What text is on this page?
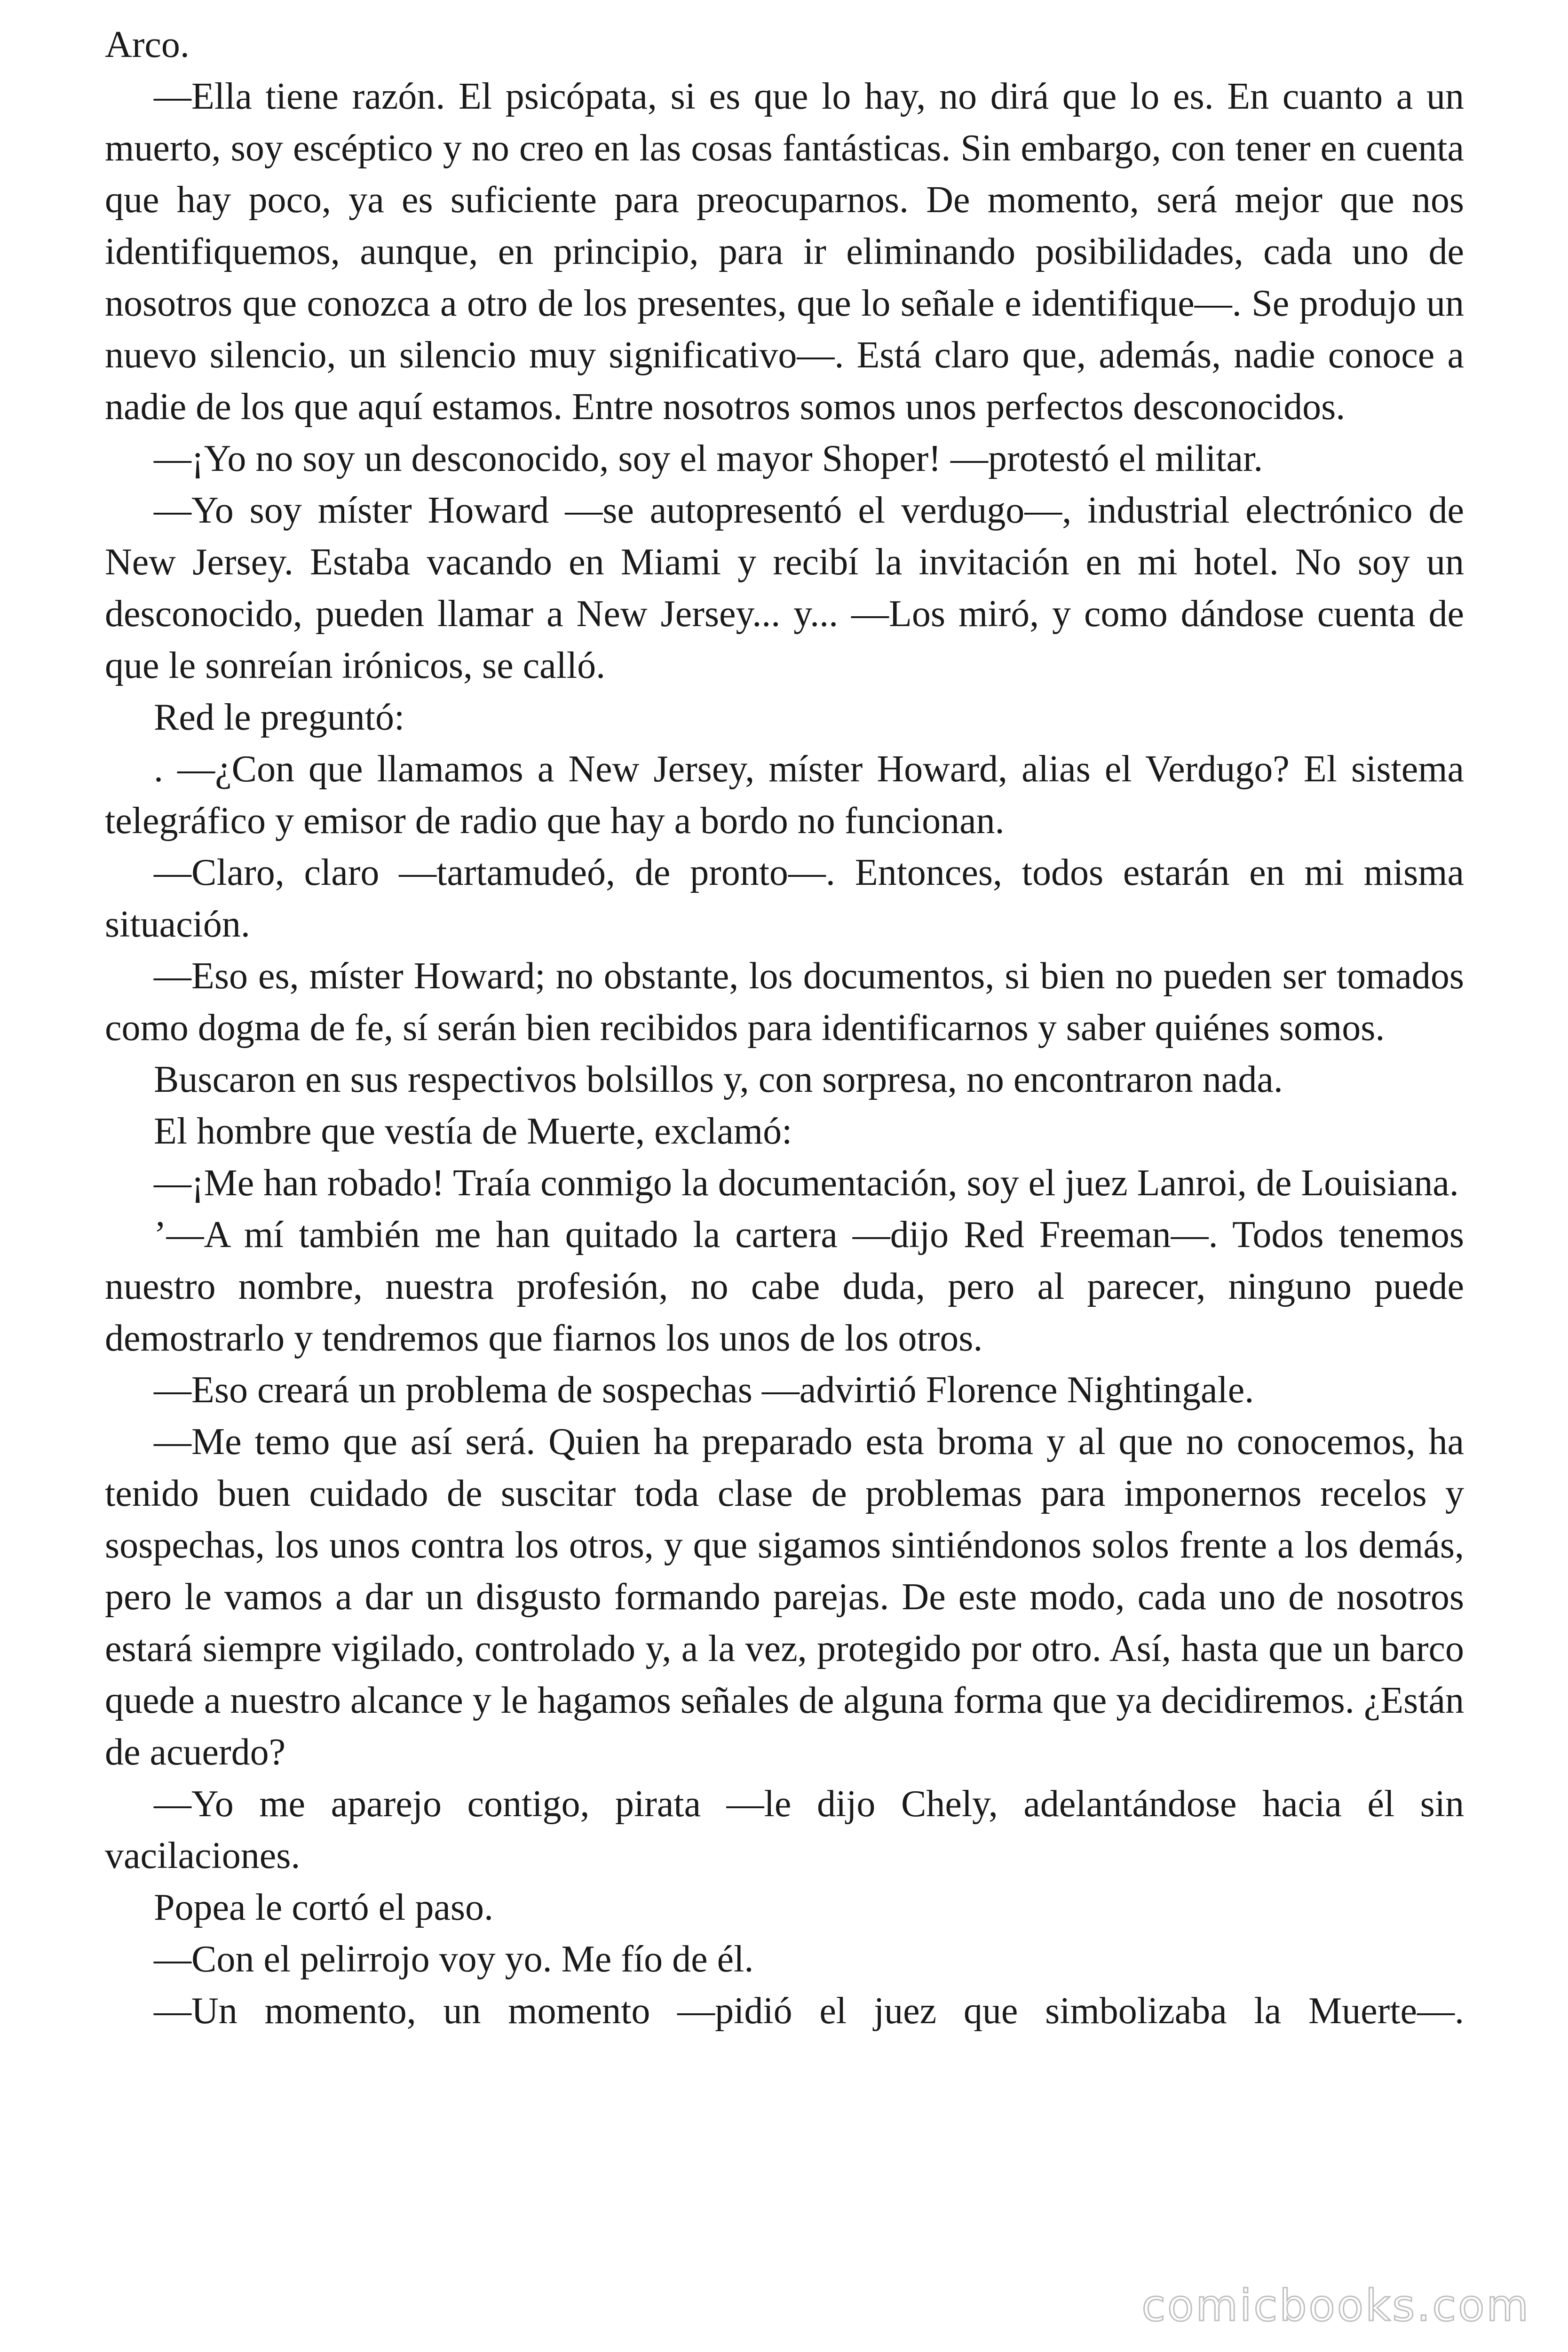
Arco.

—Ella tiene razón. El psicópata, si es que lo hay, no dirá que lo es. En cuanto a un muerto, soy escéptico y no creo en las cosas fantásticas. Sin embargo, con tener en cuenta que hay poco, ya es suficiente para preocuparnos. De momento, será mejor que nos identifiquemos, aunque, en principio, para ir eliminando posibilidades, cada uno de nosotros que conozca a otro de los presentes, que lo señale e identifique—. Se produjo un nuevo silencio, un silencio muy significativo—. Está claro que, además, nadie conoce a nadie de los que aquí estamos. Entre nosotros somos unos perfectos desconocidos.

—¡Yo no soy un desconocido, soy el mayor Shoper! —protestó el militar.

—Yo soy míster Howard —se autopresentó el verdugo—, industrial electrónico de New Jersey. Estaba vacando en Miami y recibí la invitación en mi hotel. No soy un desconocido, pueden llamar a New Jersey... y... —Los miró, y como dándose cuenta de que le sonreían irónicos, se calló.

Red le preguntó:

. —¿Con que llamamos a New Jersey, míster Howard, alias el Verdugo? El sistema telegráfico y emisor de radio que hay a bordo no funcionan.

—Claro, claro —tartamudeó, de pronto—. Entonces, todos estarán en mi misma situación.

—Eso es, míster Howard; no obstante, los documentos, si bien no pueden ser tomados como dogma de fe, sí serán bien recibidos para identificarnos y saber quiénes somos.

Buscaron en sus respectivos bolsillos y, con sorpresa, no encontraron nada.

El hombre que vestía de Muerte, exclamó:

—¡Me han robado! Traía conmigo la documentación, soy el juez Lanroi, de Louisiana.

’—A mí también me han quitado la cartera —dijo Red Freeman—. Todos tenemos nuestro nombre, nuestra profesión, no cabe duda, pero al parecer, ninguno puede demostrarlo y tendremos que fiarnos los unos de los otros.

—Eso creará un problema de sospechas —advirtió Florence Nightingale.

—Me temo que así será. Quien ha preparado esta broma y al que no conocemos, ha tenido buen cuidado de suscitar toda clase de problemas para imponernos recelos y sospechas, los unos contra los otros, y que sigamos sintiéndonos solos frente a los demás, pero le vamos a dar un disgusto formando parejas. De este modo, cada uno de nosotros estará siempre vigilado, controlado y, a la vez, protegido por otro. Así, hasta que un barco quede a nuestro alcance y le hagamos señales de alguna forma que ya decidiremos. ¿Están de acuerdo?

—Yo me aparejo contigo, pirata —le dijo Chely, adelantándose hacia él sin vacilaciones.

Popea le cortó el paso.

—Con el pelirrojo voy yo. Me fío de él.

—Un momento, un momento —pidió el juez que simbolizaba la Muerte—.

comicbooks.com
